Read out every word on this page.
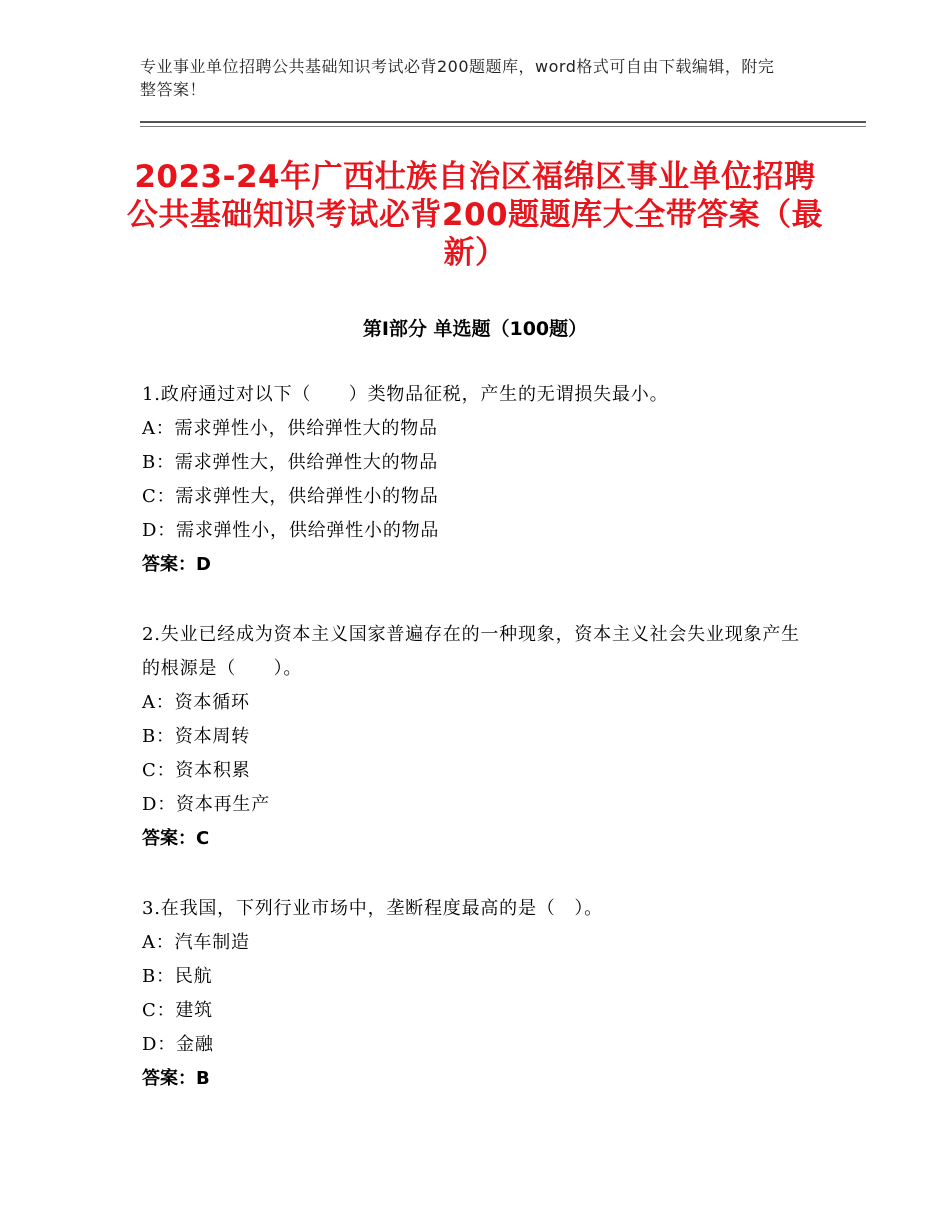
专业事业单位招聘公共基础知识考试必背200题题库，word格式可自由下载编辑，附完整答案！
2023-24年广西壮族自治区福绵区事业单位招聘公共基础知识考试必背200题题库大全带答案（最新）
第Ⅰ部分 单选题（100题）
1.政府通过对以下（　　）类物品征税，产生的无谓损失最小。
A：需求弹性小，供给弹性大的物品
B：需求弹性大，供给弹性大的物品
C：需求弹性大，供给弹性小的物品
D：需求弹性小，供给弹性小的物品
答案：D
2.失业已经成为资本主义国家普遍存在的一种现象，资本主义社会失业现象产生的根源是（　　）。
A：资本循环
B：资本周转
C：资本积累
D：资本再生产
答案：C
3.在我国，下列行业市场中，垄断程度最高的是（　）。
A：汽车制造
B：民航
C：建筑
D：金融
答案：B
